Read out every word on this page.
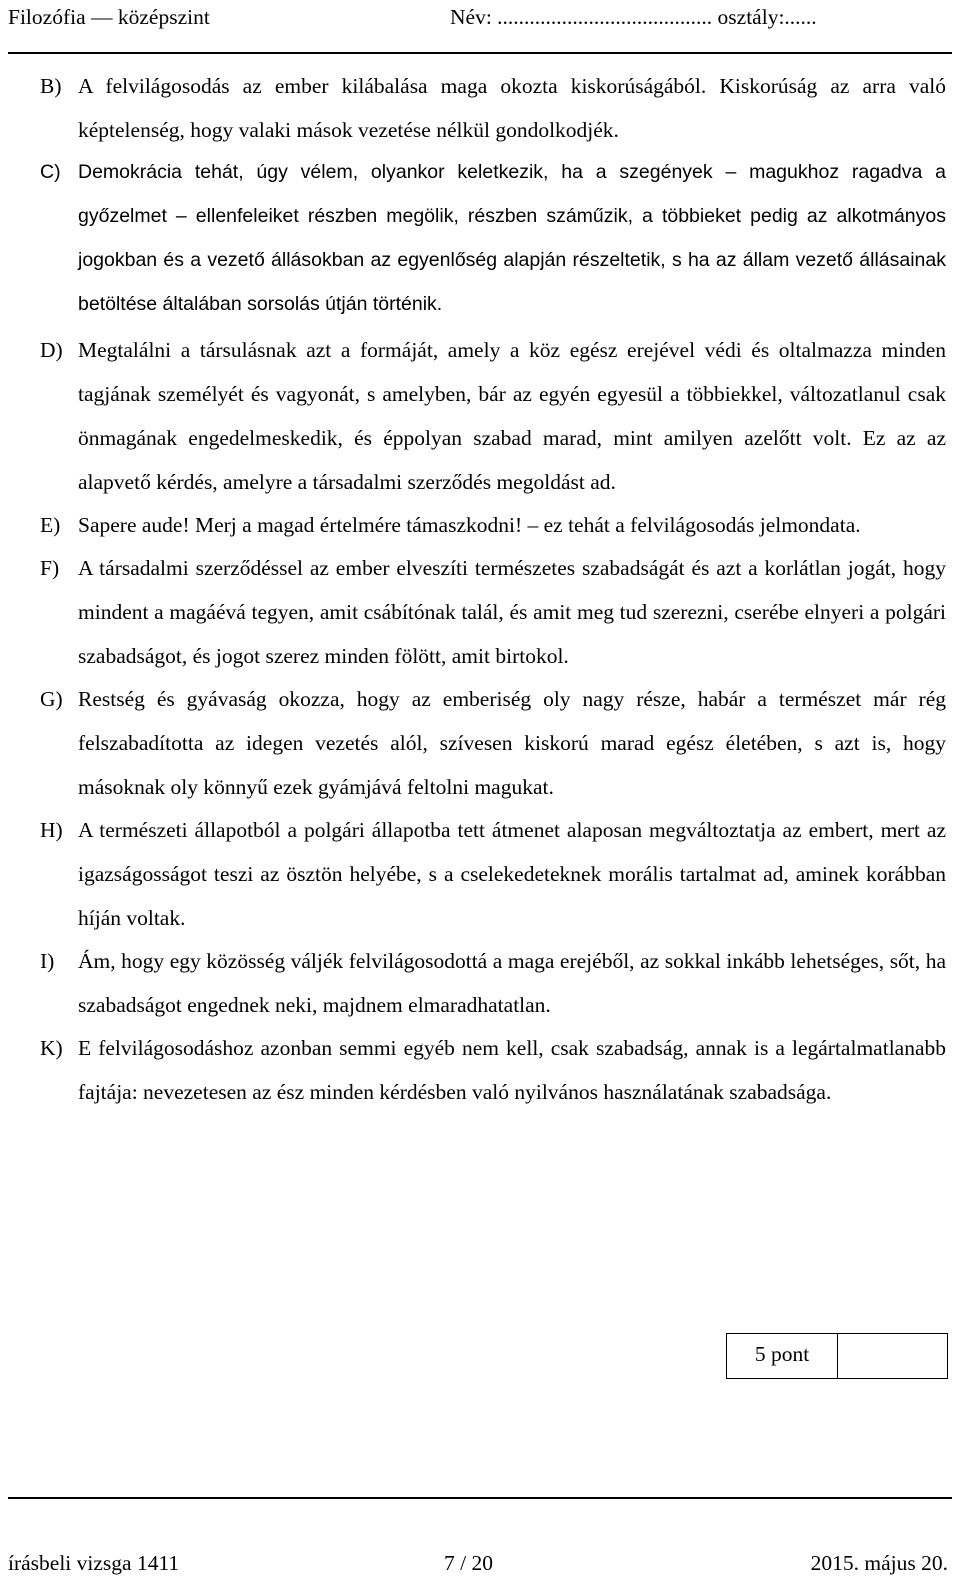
Filozófia — középszint	Név: ........................................ osztály:......
B) A felvilágosodás az ember kilábalása maga okozta kiskorúságából. Kiskorúság az arra való képtelenség, hogy valaki mások vezetése nélkül gondolkodjék.
C) Demokrácia tehát, úgy vélem, olyankor keletkezik, ha a szegények – magukhoz ragadva a győzelmet – ellenfeleiket részben megölik, részben száműzik, a többieket pedig az alkotmányos jogokban és a vezető állásokban az egyenlőség alapján részeltetik, s ha az állam vezető állásainak betöltése általában sorsolás útján történik.
D) Megtalálni a társulásnak azt a formáját, amely a köz egész erejével védi és oltalmazza minden tagjának személyét és vagyonát, s amelyben, bár az egyén egyesül a többiekkel, változatlanul csak önmagának engedelmeskedik, és éppolyan szabad marad, mint amilyen azelőtt volt. Ez az az alapvető kérdés, amelyre a társadalmi szerződés megoldást ad.
E) Sapere aude! Merj a magad értelmére támaszkodni! – ez tehát a felvilágosodás jelmondata.
F) A társadalmi szerződéssel az ember elveszíti természetes szabadságát és azt a korlátlan jogát, hogy mindent a magáévá tegyen, amit csábítónak talál, és amit meg tud szerezni, cserébe elnyeri a polgári szabadságot, és jogot szerez minden fölött, amit birtokol.
G) Restség és gyávaság okozza, hogy az emberiség oly nagy része, habár a természet már rég felszabadította az idegen vezetés alól, szívesen kiskorú marad egész életében, s azt is, hogy másoknak oly könnyű ezek gyámjává feltolni magukat.
H) A természeti állapotból a polgári állapotba tett átmenet alaposan megváltoztatja az embert, mert az igazságosságot teszi az ösztön helyébe, s a cselekedeteknek morális tartalmat ad, aminek korábban híján voltak.
I)	Ám, hogy egy közösség váljék felvilágosodottá a maga erejéből, az sokkal inkább lehetséges, sőt, ha szabadságot engednek neki, majdnem elmaradhatatlan.
K) E felvilágosodáshoz azonban semmi egyéb nem kell, csak szabadság, annak is a legártalmatlanabb fajtája: nevezetesen az ész minden kérdésben való nyilvános használatának szabadsága.
5 pont
írásbeli vizsga 1411	7 / 20	2015. május 20.
